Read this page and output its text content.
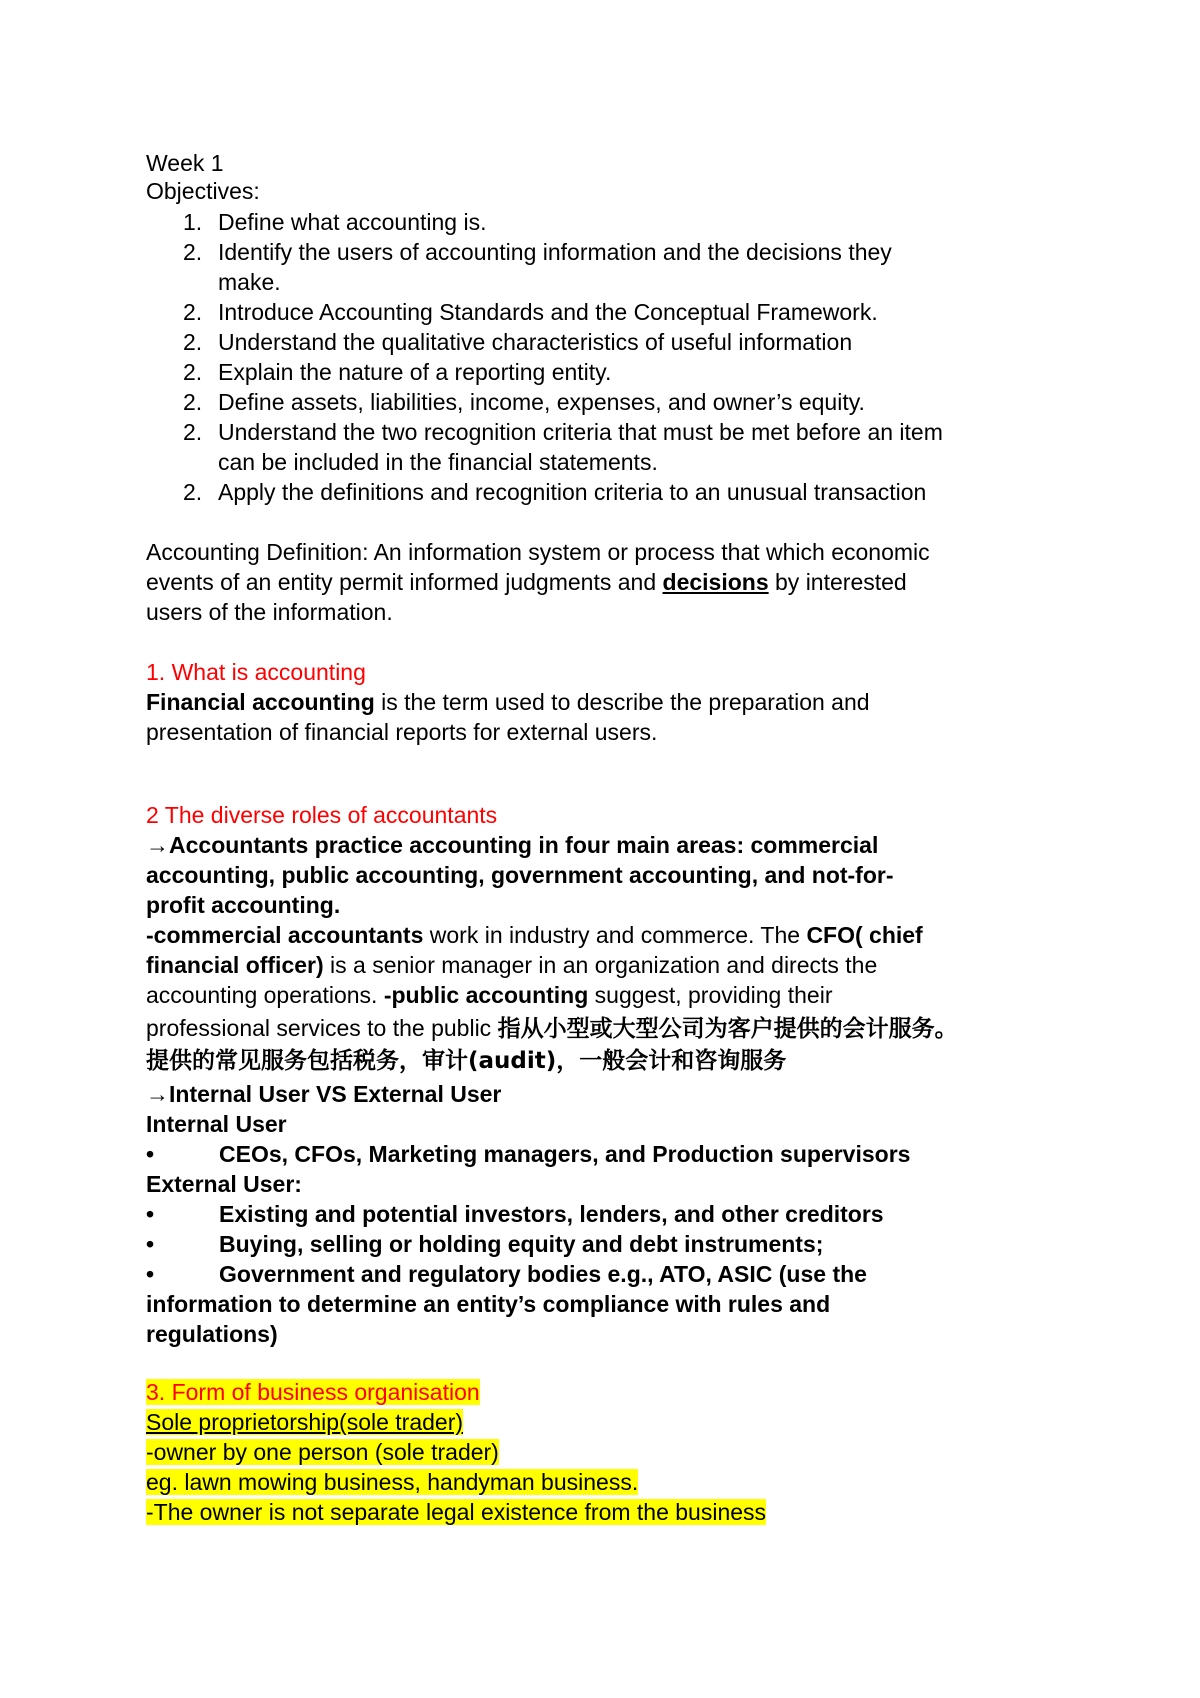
Week 1
Objectives:
1. Define what accounting is.
2. Identify the users of accounting information and the decisions they
make.
2. Introduce Accounting Standards and the Conceptual Framework.
2. Understand the qualitative characteristics of useful information
2. Explain the nature of a reporting entity.
2. Define assets, liabilities, income, expenses, and owner’s equity.
2. Understand the two recognition criteria that must be met before an item
can be included in the financial statements.
2. Apply the definitions and recognition criteria to an unusual transaction
Accounting Definition: An information system or process that which economic
events of an entity permit informed judgments and decisions by interested
users of the information.
1. What is accounting
Financial accounting is the term used to describe the preparation and
presentation of financial reports for external users.
2 The diverse roles of accountants
→Accountants practice accounting in four main areas: commercial
accounting, public accounting, government accounting, and not-for-
profit accounting.
-commercial accountants work in industry and commerce. The CFO( chief
financial officer) is a senior manager in an organization and directs the
accounting operations. -public accounting suggest, providing their
professional services to the public 指从小型或大型公司为客户提供的会计服务。
提供的常见服务包括税务，审计(audit)，一般会计和咨询服务
→Internal User VS External User
Internal User
•	CEOs, CFOs, Marketing managers, and Production supervisors
External User:
•	Existing and potential investors, lenders, and other creditors
•	Buying, selling or holding equity and debt instruments;
•	Government and regulatory bodies e.g., ATO, ASIC (use the
information to determine an entity’s compliance with rules and
regulations)
3. Form of business organisation
Sole proprietorship(sole trader)
-owner by one person (sole trader)
eg. lawn mowing business, handyman business.
-The owner is not separate legal existence from the business
